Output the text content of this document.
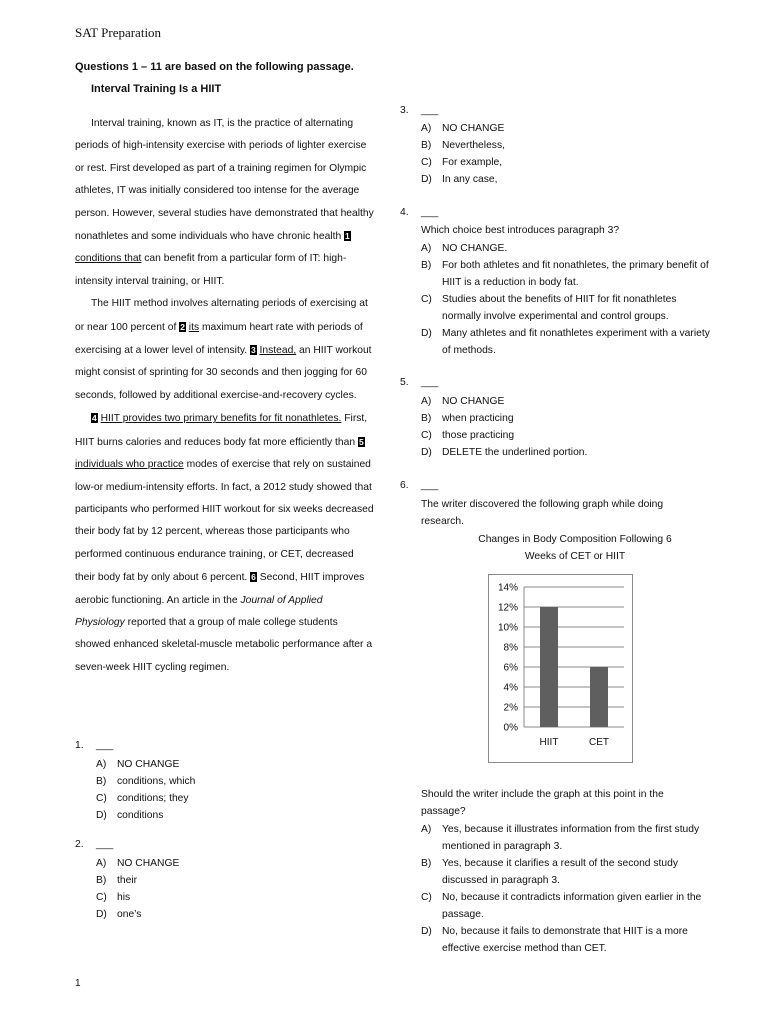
SAT Preparation
Questions 1 – 11 are based on the following passage.
Interval Training Is a HIIT

Interval training, known as IT, is the practice of alternating periods of high-intensity exercise with periods of lighter exercise or rest. First developed as part of a training regimen for Olympic athletes, IT was initially considered too intense for the average person. However, several studies have demonstrated that healthy nonathletes and some individuals who have chronic health 1 conditions that can benefit from a particular form of IT: high-intensity interval training, or HIIT.

The HIIT method involves alternating periods of exercising at or near 100 percent of 2 its maximum heart rate with periods of exercising at a lower level of intensity. 3 Instead, an HIIT workout might consist of sprinting for 30 seconds and then jogging for 60 seconds, followed by additional exercise-and-recovery cycles.

4 HIIT provides two primary benefits for fit nonathletes. First, HIIT burns calories and reduces body fat more efficiently than 5 individuals who practice modes of exercise that rely on sustained low-or medium-intensity efforts. In fact, a 2012 study showed that participants who performed HIIT workout for six weeks decreased their body fat by 12 percent, whereas those participants who performed continuous endurance training, or CET, decreased their body fat by only about 6 percent. 6 Second, HIIT improves aerobic functioning. An article in the Journal of Applied Physiology reported that a group of male college students showed enhanced skeletal-muscle metabolic performance after a seven-week HIIT cycling regimen.

1. ___
A) NO CHANGE
B) conditions, which
C) conditions; they
D) conditions
2. ___
A) NO CHANGE
B) their
C) his
D) one’s
3. ___
A) NO CHANGE
B) Nevertheless,
C) For example,
D) In any case,
4. ___
Which choice best introduces paragraph 3?
A) NO CHANGE.
B) For both athletes and fit nonathletes, the primary benefit of HIIT is a reduction in body fat.
C) Studies about the benefits of HIIT for fit nonathletes normally involve experimental and control groups.
D) Many athletes and fit nonathletes experiment with a variety of methods.
5. ___
A) NO CHANGE
B) when practicing
C) those practicing
D) DELETE the underlined portion.
6. ___
The writer discovered the following graph while doing research.
Changes in Body Composition Following 6
Weeks of CET or HIIT
0%
2%
4%
6%
8%
10%
12%
14%
HIIT	CET
Should the writer include the graph at this point in the passage?
A) Yes, because it illustrates information from the first study mentioned in paragraph 3.
B) Yes, because it clarifies a result of the second study discussed in paragraph 3.
C) No, because it contradicts information given earlier in the passage.
D) No, because it fails to demonstrate that HIIT is a more effective exercise method than CET.
1
